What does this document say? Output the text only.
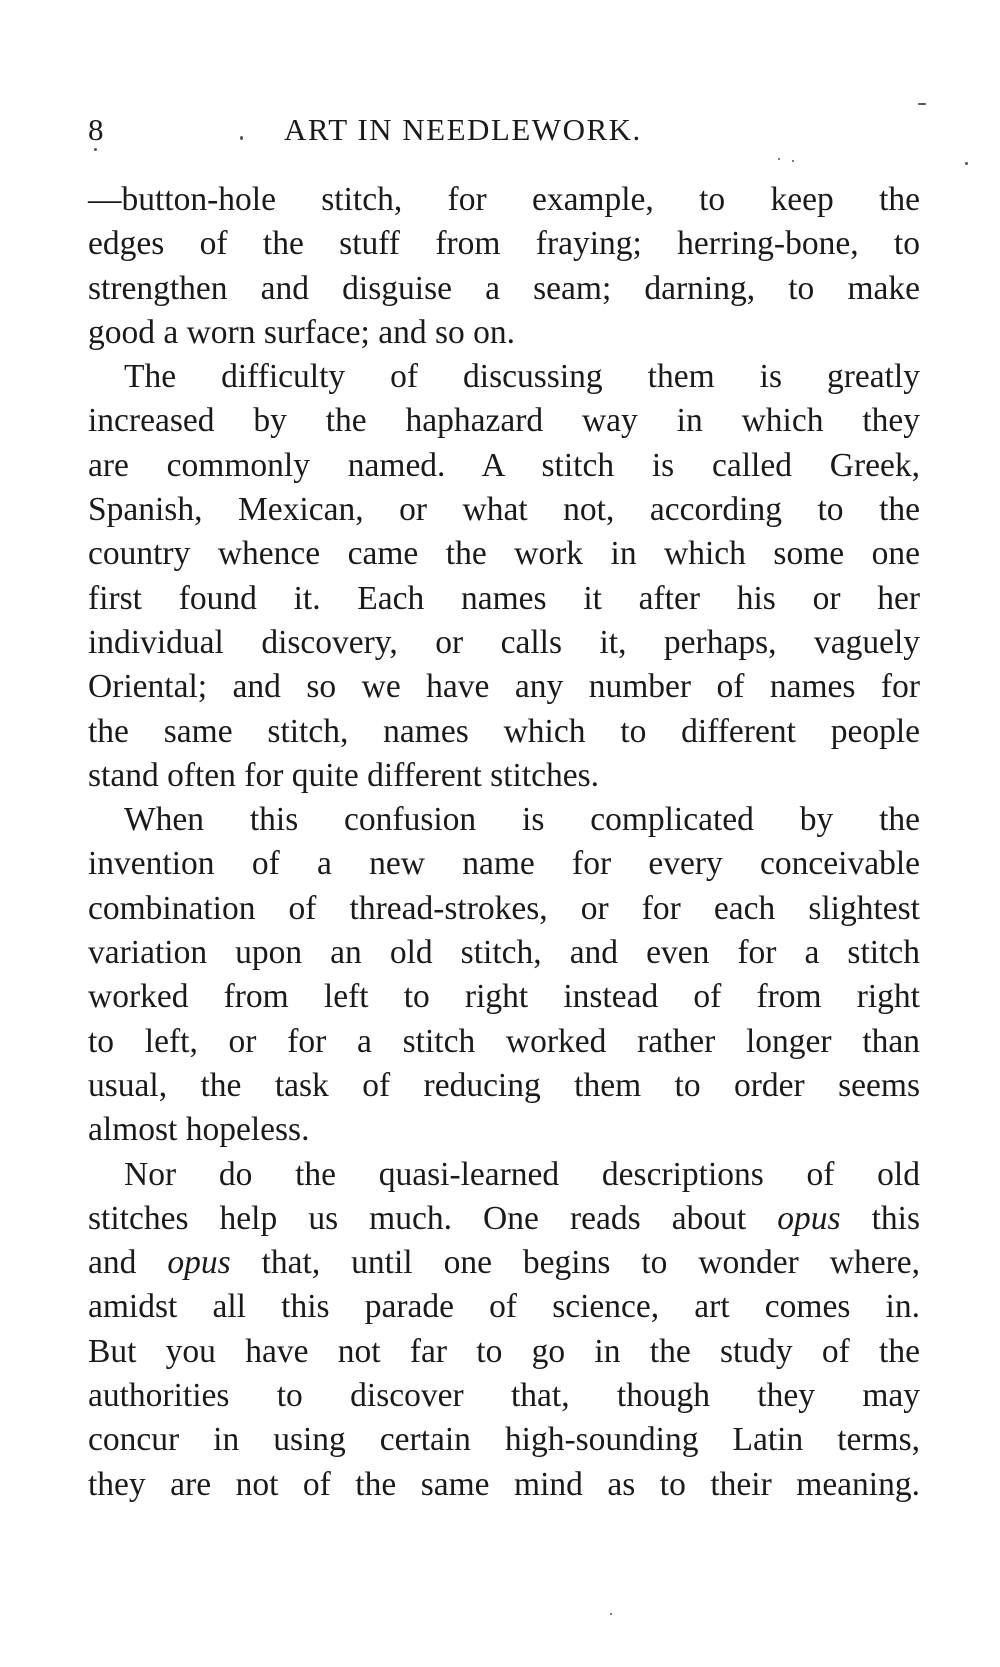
8	ART IN NEEDLEWORK.
—button-hole stitch, for example, to keep the
edges of the stuff from fraying; herring-bone, to
strengthen and disguise a seam; darning, to make
good a worn surface; and so on.
The difficulty of discussing them is greatly
increased by the haphazard way in which they
are commonly named. A stitch is called Greek,
Spanish, Mexican, or what not, according to the
country whence came the work in which some one
first found it. Each names it after his or her
individual discovery, or calls it, perhaps, vaguely
Oriental; and so we have any number of names for
the same stitch, names which to different people
stand often for quite different stitches.
When this confusion is complicated by the
invention of a new name for every conceivable
combination of thread-strokes, or for each slightest
variation upon an old stitch, and even for a stitch
worked from left to right instead of from right
to left, or for a stitch worked rather longer than
usual, the task of reducing them to order seems
almost hopeless.
Nor do the quasi-learned descriptions of old
stitches help us much. One reads about opus this
and opus that, until one begins to wonder where,
amidst all this parade of science, art comes in.
But you have not far to go in the study of the
authorities to discover that, though they may
concur in using certain high-sounding Latin terms,
they are not of the same mind as to their meaning.
